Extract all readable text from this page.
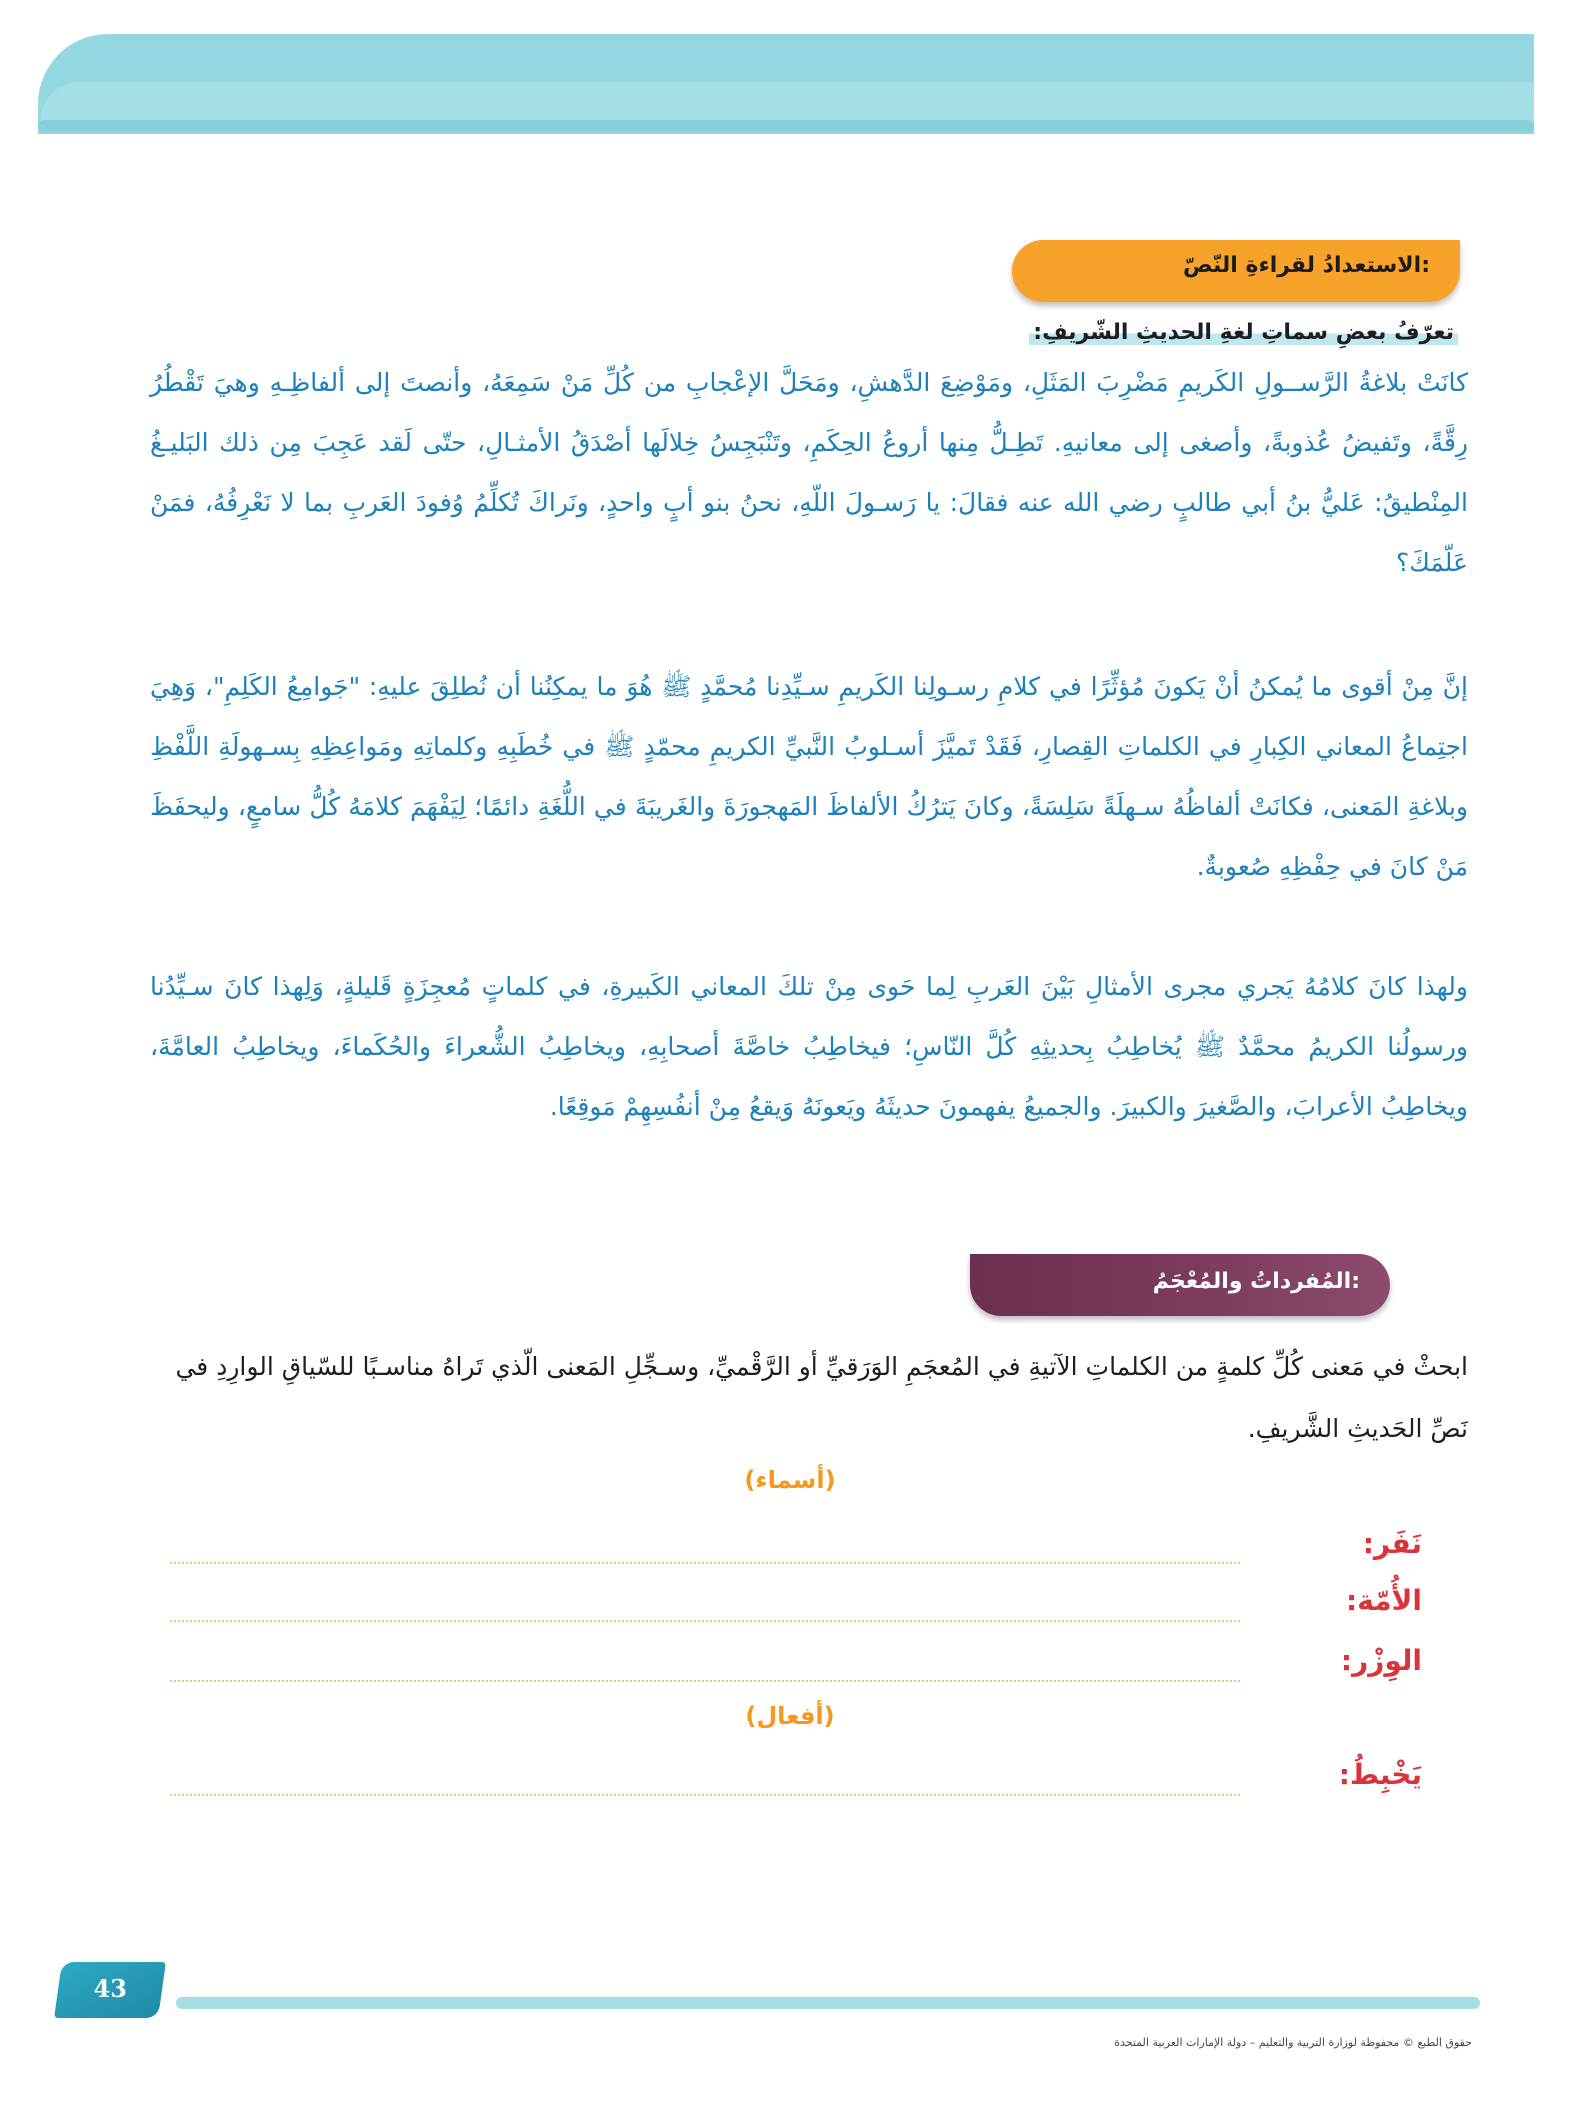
الاستعدادُ لقراءةِ النّصّ:
تعرّفُ بعضِ سماتِ لغةِ الحديثِ الشّريفِ:

كانَتْ بلاغةُ الرَّســولِ الكَريمِ مَضْرِبَ المَثَلِ، ومَوْضِعَ الدَّهشِ، ومَحَلَّ الإعْجابِ من كُلِّ مَنْ سَمِعَهُ، وأنصتَ إلى ألفاظِـهِ وهيَ تَقْطُرُ رِقَّةً، وتَفيضُ عُذوبةً، وأصغى إلى معانيهِ. تَطِـلُّ مِنها أروعُ الحِكَمِ، وتَنْبَجِسُ خِلالَها أصْدَقُ الأمثـالِ، حتّى لَقد عَجِبَ مِن ذلك البَليـغُ المِنْطيقُ: عَليُّ بنُ أبي طالبٍ رضي الله عنه فقالَ: يا رَسـولَ اللّهِ، نحنُ بنو أبٍ واحدٍ، ونَراكَ تُكلِّمُ وُفودَ العَربِ بما لا نَعْرِفُهُ، فمَنْ عَلّمَكَ؟

إنَّ مِنْ أقوى ما يُمكنُ أنْ يَكونَ مُؤثِّرًا في كلامِ رسـولِنا الكَريمِ سـيِّدِنا مُحمَّدٍ ﷺ هُوَ ما يمكِنُنا أن نُطلِقَ عليهِ: "جَوامِعُ الكَلِمِ"، وَهِيَ اجتِماعُ المعاني الكِبارِ في الكلماتِ القِصارِ، فَقَدْ تَميَّزَ أسـلوبُ النَّبيِّ الكريمِ محمّدٍ ﷺ في خُطَبِهِ وكلماتِهِ ومَواعِظِهِ بِسـهولَةِ اللَّفْظِ وبلاغةِ المَعنى، فكانَتْ ألفاظُهُ سـهلَةً سَلِسَةً، وكانَ يَترُكُ الألفاظَ المَهجورَةَ والغَريبَةَ في اللُّغَةِ دائمًا؛ لِيَفْهَمَ كلامَهُ كُلُّ سامعٍ، وليحفَظَ مَنْ كانَ في حِفْظِهِ صُعوبةٌ.

ولهذا كانَ كلامُهُ يَجري مجرى الأمثالِ بَيْنَ العَربِ لِما حَوى مِنْ تلكَ المعاني الكَبيرةِ، في كلماتٍ مُعجِزَةٍ قَليلةٍ، وَلِهذا كانَ سـيِّدُنا ورسولُنا الكريمُ محمَّدٌ ﷺ يُخاطِبُ بِحديثِهِ كُلَّ النّاسِ؛ فيخاطِبُ خاصَّةَ أصحابِهِ، ويخاطِبُ الشُّعراءَ والحُكَماءَ، ويخاطِبُ العامَّةَ، ويخاطِبُ الأعرابَ، والصَّغيرَ والكبيرَ. والجميعُ يفهمونَ حديثَهُ ويَعونَهُ وَيقعُ مِنْ أنفُسِهِمْ مَوقِعًا.

المُفرداتُ والمُعْجَمُ:

ابحثْ في مَعنى كُلِّ كلمةٍ من الكلماتِ الآتيةِ في المُعجَمِ الوَرَقيِّ أو الرَّقْميِّ، وسـجِّلِ المَعنى الّذي تَراهُ مناسـبًا للسّياقِ الوارِدِ في نَصِّ الحَديثِ الشَّريفِ.

(أسماء)
نَفَر:
الأُمّة:
الوِزْر:
(أفعال)
يَخْبِطُ:
43
حقوق الطبع © محفوظة لوزارة التربية والتعليم – دولة الإمارات العربية المتحدة
